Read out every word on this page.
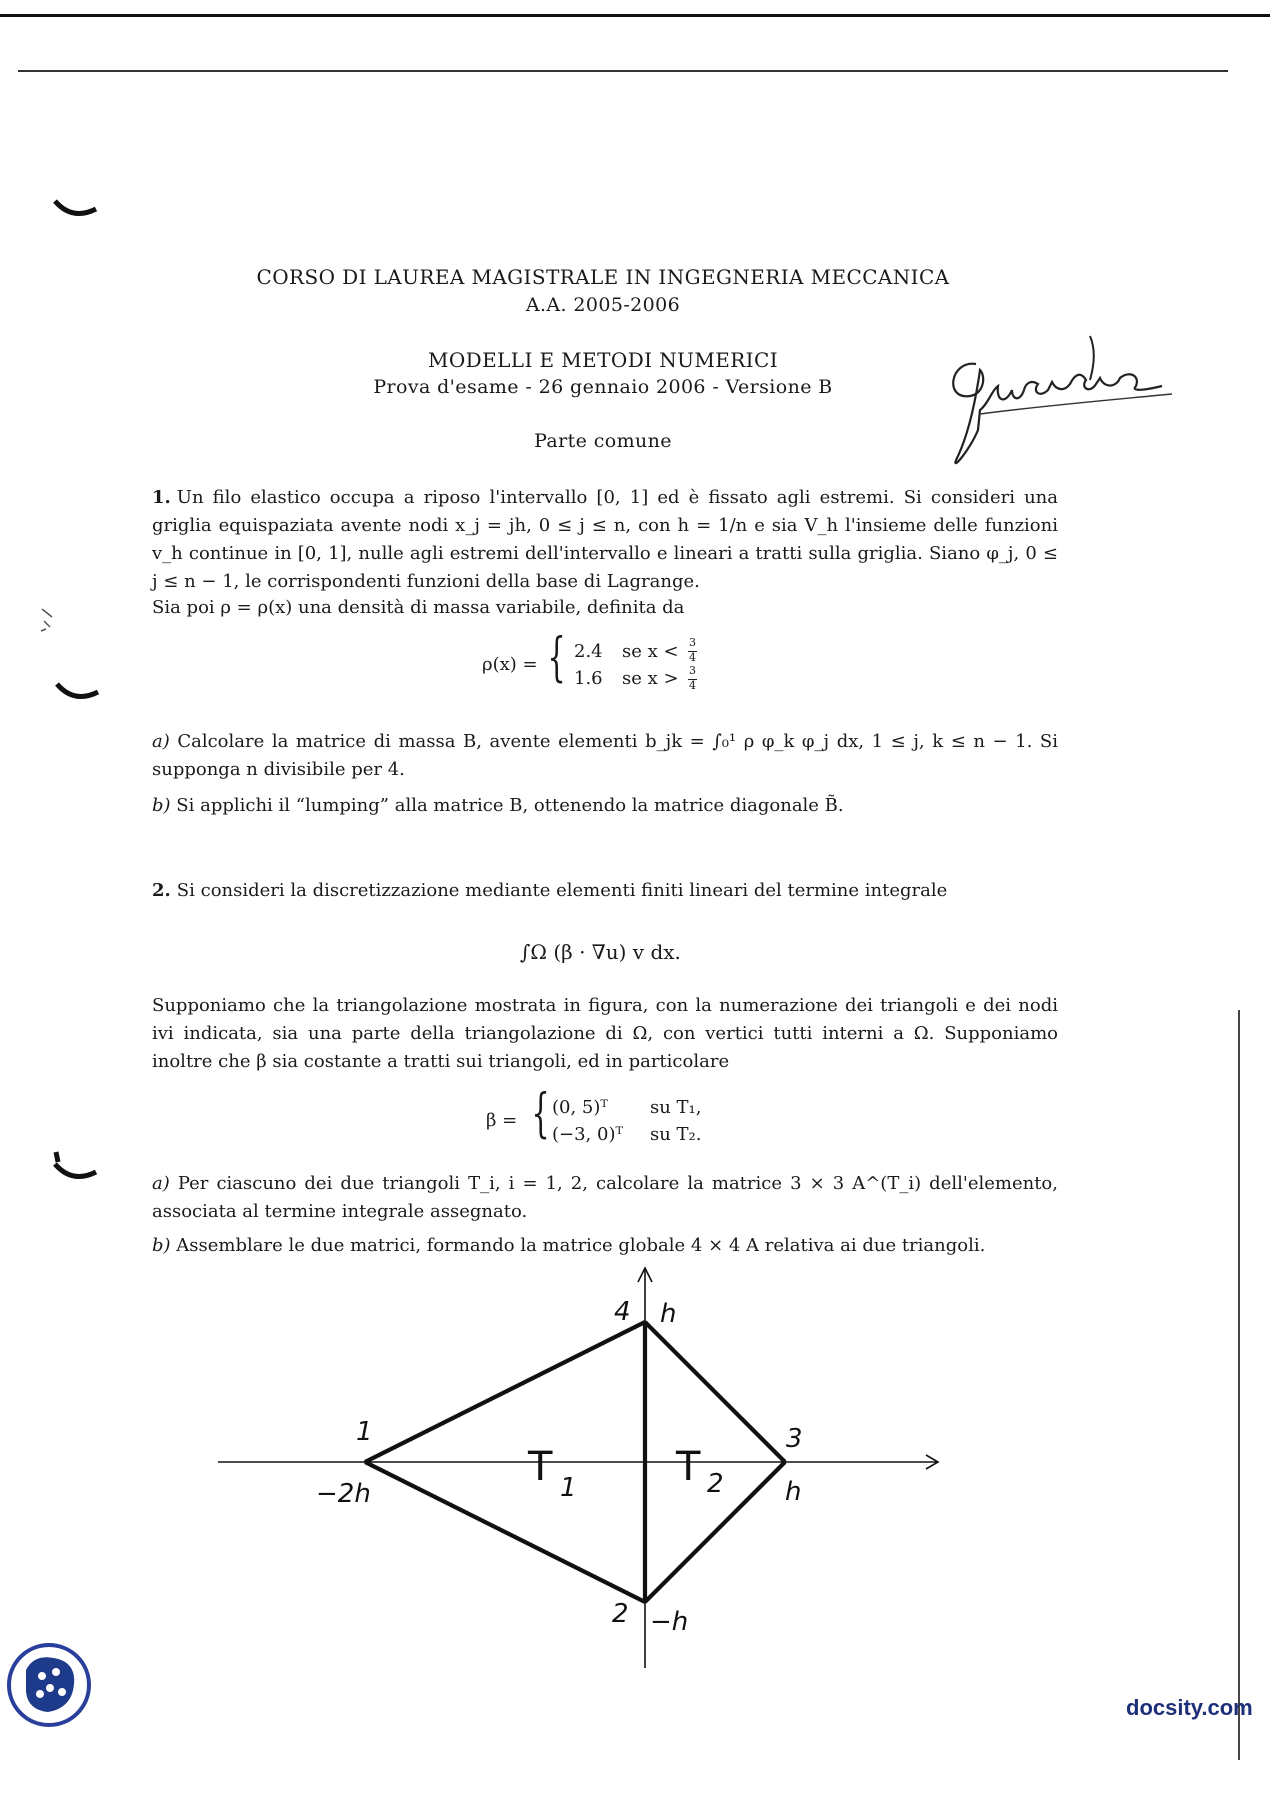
CORSO DI LAUREA MAGISTRALE IN INGEGNERIA MECCANICA
A.A. 2005-2006
MODELLI E METODI NUMERICI
Prova d'esame - 26 gennaio 2006 - Versione B
Parte comune
1. Un filo elastico occupa a riposo l'intervallo [0, 1] ed è fissato agli estremi. Si consideri una griglia equispaziata avente nodi x_j = jh, 0 ≤ j ≤ n, con h = 1/n e sia V_h l'insieme delle funzioni v_h continue in [0, 1], nulle agli estremi dell'intervallo e lineari a tratti sulla griglia. Siano φ_j, 0 ≤ j ≤ n − 1, le corrispondenti funzioni della base di Lagrange.
Sia poi ρ = ρ(x) una densità di massa variabile, definita da
ρ(x) = { 2.4 se x <
1.6 se x >
3
4
3
4
a) Calcolare la matrice di massa B, avente elementi b_jk = ∫₀¹ ρ φ_k φ_j dx, 1 ≤ j, k ≤ n − 1. Si supponga n divisibile per 4.
b) Si applichi il “lumping” alla matrice B, ottenendo la matrice diagonale B̃.
2. Si consideri la discretizzazione mediante elementi finiti lineari del termine integrale
∫Ω (β · ∇u) v dx.
Supponiamo che la triangolazione mostrata in figura, con la numerazione dei triangoli e dei nodi ivi indicata, sia una parte della triangolazione di Ω, con vertici tutti interni a Ω. Supponiamo inoltre che β sia costante a tratti sui triangoli, ed in particolare
β = { (0, 5)ᵀ su T₁,
(−3, 0)ᵀ su T₂.
a) Per ciascuno dei due triangoli T_i, i = 1, 2, calcolare la matrice 3 × 3 A^(T_i) dell'elemento, associata al termine integrale assegnato.
b) Assemblare le due matrici, formando la matrice globale 4 × 4 A relativa ai due triangoli.
1
2
3
4
T 1 T 2
−2h	h
h
−h
docsity.com
